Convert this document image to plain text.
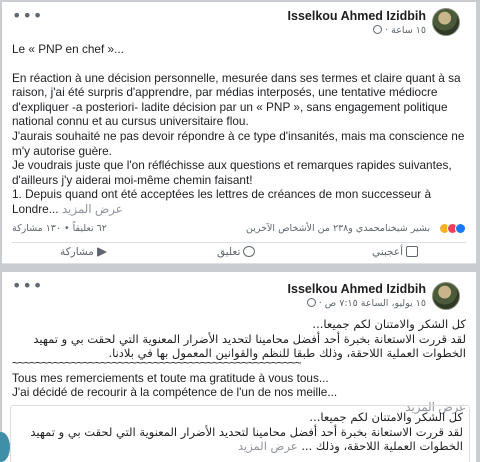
•••	Isselkou Ahmed Izidbih
١٥ ساعة ·

Le « PNP en chef »...

En réaction à une décision personnelle, mesurée dans ses termes et claire quant à sa

raison, j'ai été surpris d'apprendre, par médias interposés, une tentative médiocre

d'expliquer -a posteriori- ladite décision par un « PNP », sans engagement politique

national connu et au cursus universitaire flou.

J'aurais souhaité ne pas devoir répondre à ce type d'insanités, mais ma conscience ne

m'y autorise guère.

Je voudrais juste que l'on réfléchisse aux questions et remarques rapides suivantes,

d'ailleurs j'y aiderai moi-même chemin faisant!

1. Depuis quand ont été acceptées les lettres de créances de mon successeur à

Londre... عرض المزيد

٦٢ تعليقاً • ١٣٠ مشاركة	بشير شيخنامحمدي و٢٣٨ من الأشخاص الآخرين
أعجبني
تعليق
مشاركة
•••	Isselkou Ahmed Izidbih
١٥ يوليو، الساعة ٧:١٥ ص ·

كل الشكر والامتنان لكم جميعا...

لقد قررت الاستعانة بخبرة أحد أفضل محامينا لتحديد الأضرار المعنوية التي لحقت بي و تمهيد

الخطوات العملية اللاحقة، وذلك طبقا للنظم والقوانين المعمول بها في بلادنا.

~~~~~~~~~~~~~~~~~~~~~~~~~~~~~~~~~~~~~~~~~~~~~~~~~

Tous mes remerciements et toute ma gratitude à vous tous...

J'ai décidé de recourir à la compétence de l'un de nos meille...

عرض المزيد

كل الشكر والامتنان لكم جميعا...

لقد قررت الاستعانة بخبرة أحد أفضل محامينا لتحديد الأضرار المعنوية التي لحقت بي و تمهيد

الخطوات العملية اللاحقة، وذلك ... عرض المزيد
